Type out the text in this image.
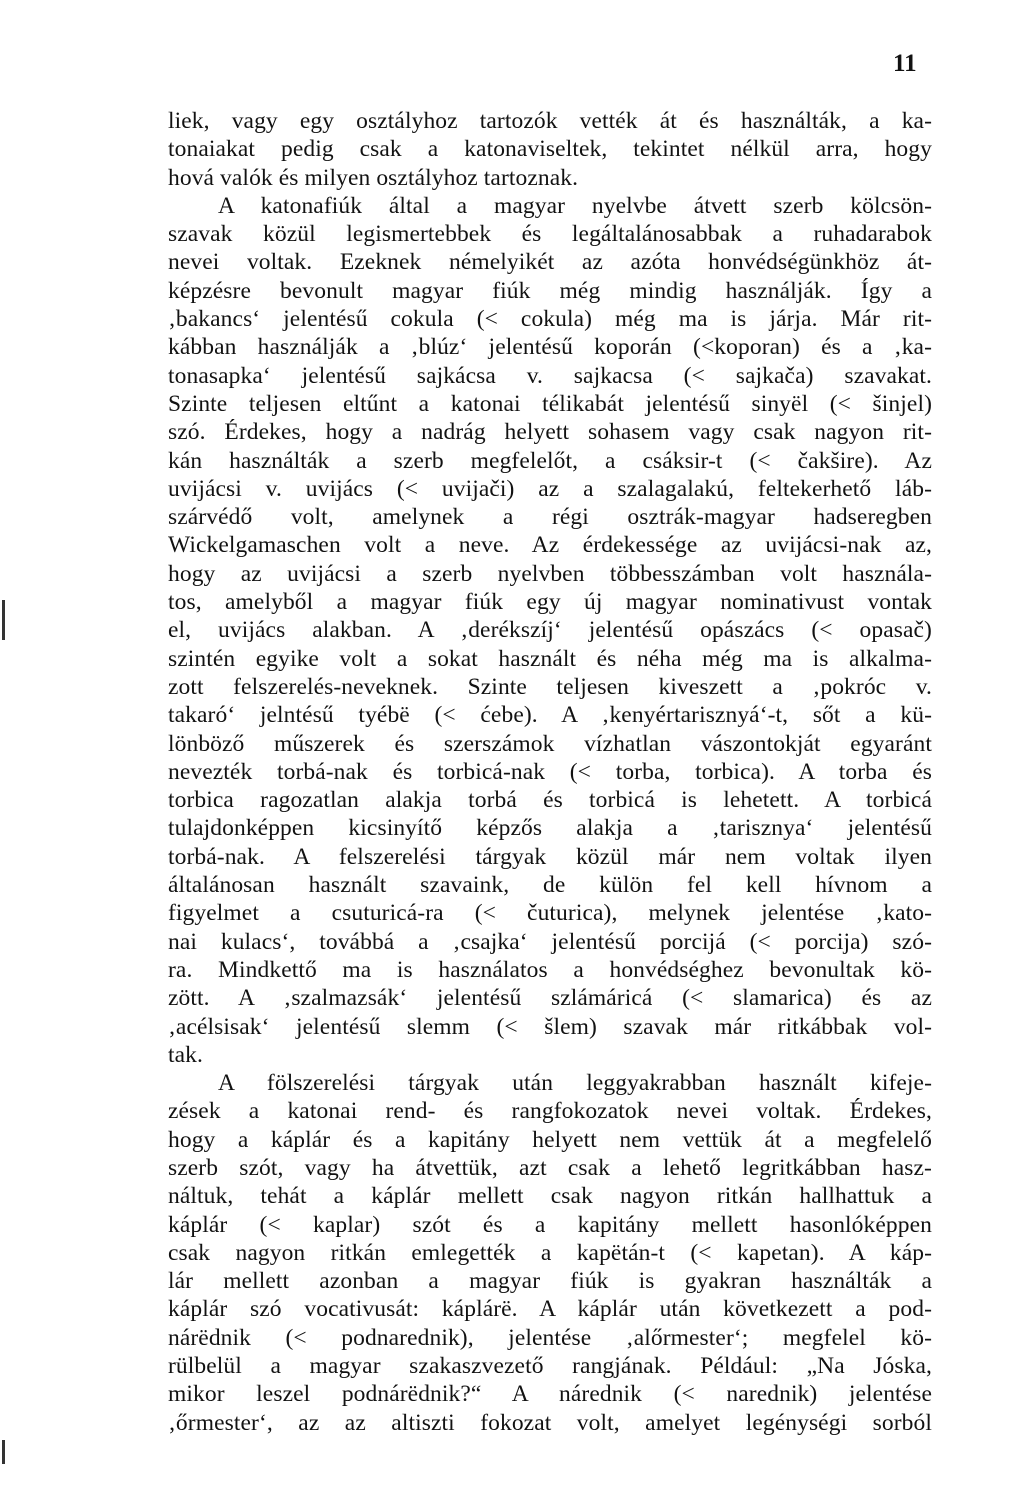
11
liek, vagy egy osztályhoz tartozók vették át és használták, a ka-
tonaiakat pedig csak a katonaviseltek, tekintet nélkül arra, hogy
hová valók és milyen osztályhoz tartoznak.
A katonafiúk által a magyar nyelvbe átvett szerb kölcsön-
szavak közül legismertebbek és legáltalánosabbak a ruhadarabok
nevei voltak. Ezeknek némelyikét az azóta honvédségünkhöz át-
képzésre bevonult magyar fiúk még mindig használják. Így a
‚bakancs‘ jelentésű cokula (< cokula) még ma is járja. Már rit-
kábban használják a ‚blúz‘ jelentésű koporán (<koporan) és a ‚ka-
tonasapka‘ jelentésű sajkácsa v. sajkacsa (< sajkača) szavakat.
Szinte teljesen eltűnt a katonai télikabát jelentésű sinyël (< šinjel)
szó. Érdekes, hogy a nadrág helyett sohasem vagy csak nagyon rit-
kán használták a szerb megfelelőt, a csáksir-t (< čakšire). Az
uvijácsi v. uvijács (< uvijači) az a szalagalakú, feltekerhető láb-
szárvédő volt, amelynek a régi osztrák-magyar hadseregben
Wickelgamaschen volt a neve. Az érdekessége az uvijácsi-nak az,
hogy az uvijácsi a szerb nyelvben többesszámban volt használa-
tos, amelyből a magyar fiúk egy új magyar nominativust vontak
el, uvijács alakban. A ‚derékszíj‘ jelentésű opászács (< opasač)
szintén egyike volt a sokat használt és néha még ma is alkalma-
zott felszerelés-neveknek. Szinte teljesen kiveszett a ‚pokróc v.
takaró‘ jelntésű tyébë (< ćebe). A ‚kenyértarisznyá‘-t, sőt a kü-
lönböző műszerek és szerszámok vízhatlan vászontokját egyaránt
nevezték torbá-nak és torbicá-nak (< torba, torbica). A torba és
torbica ragozatlan alakja torbá és torbicá is lehetett. A torbicá
tulajdonképpen kicsinyítő képzős alakja a ‚tarisznya‘ jelentésű
torbá-nak. A felszerelési tárgyak közül már nem voltak ilyen
általánosan használt szavaink, de külön fel kell hívnom a
figyelmet a csuturicá-ra (< čuturica), melynek jelentése ‚kato-
nai kulacs‘, továbbá a ‚csajka‘ jelentésű porcijá (< porcija) szó-
ra. Mindkettő ma is használatos a honvédséghez bevonultak kö-
zött. A ‚szalmazsák‘ jelentésű szlámáricá (< slamarica) és az
‚acélsisak‘ jelentésű slemm (< šlem) szavak már ritkábbak vol-
tak.
A fölszerelési tárgyak után leggyakrabban használt kifeje-
zések a katonai rend- és rangfokozatok nevei voltak. Érdekes,
hogy a káplár és a kapitány helyett nem vettük át a megfelelő
szerb szót, vagy ha átvettük, azt csak a lehető legritkábban hasz-
náltuk, tehát a káplár mellett csak nagyon ritkán hallhattuk a
káplár (< kaplar) szót és a kapitány mellett hasonlóképpen
csak nagyon ritkán emlegették a kapëtán-t (< kapetan). A káp-
lár mellett azonban a magyar fiúk is gyakran használták a
káplár szó vocativusát: káplárë. A káplár után következett a pod-
nárëdnik (< podnarednik), jelentése ‚alőrmester‘; megfelel kö-
rülbelül a magyar szakaszvezető rangjának. Például: „Na Jóska,
mikor leszel podnárëdnik?“ A nárednik (< narednik) jelentése
‚őrmester‘, az az altiszti fokozat volt, amelyet legénységi sorból
